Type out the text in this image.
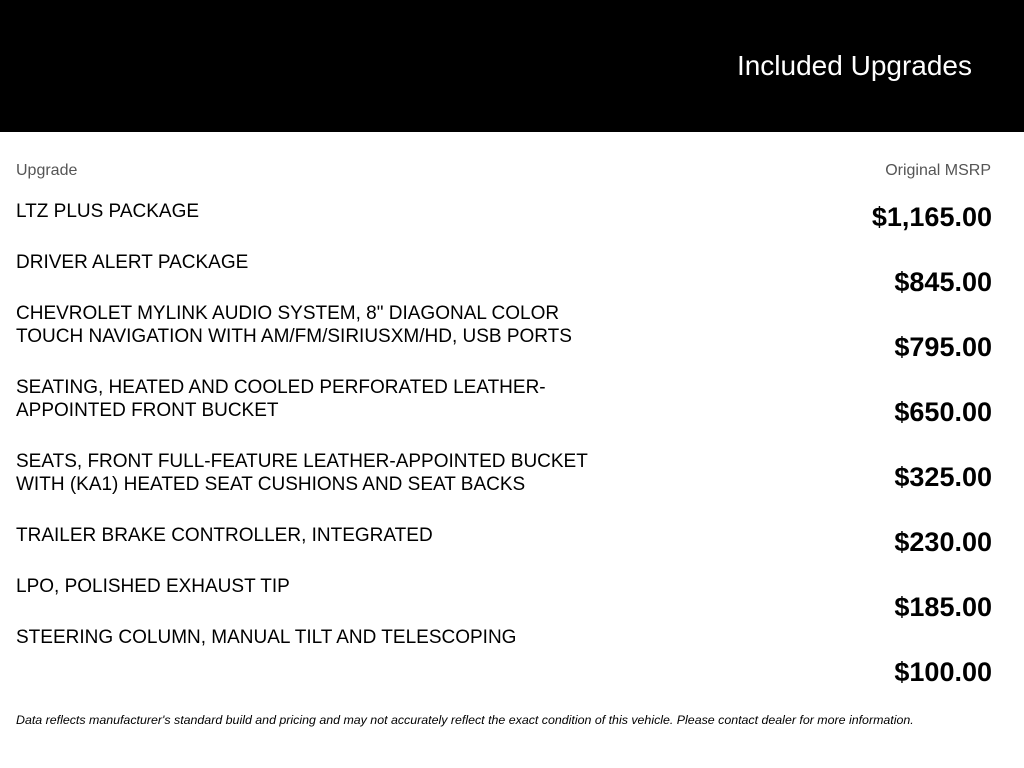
Included Upgrades
Upgrade	Original MSRP
LTZ PLUS PACKAGE
DRIVER ALERT PACKAGE
CHEVROLET MYLINK AUDIO SYSTEM, 8" DIAGONAL COLOR TOUCH NAVIGATION WITH AM/FM/SIRIUSXM/HD, USB PORTS
SEATING, HEATED AND COOLED PERFORATED LEATHER-APPOINTED FRONT BUCKET
SEATS, FRONT FULL-FEATURE LEATHER-APPOINTED BUCKET WITH (KA1) HEATED SEAT CUSHIONS AND SEAT BACKS
TRAILER BRAKE CONTROLLER, INTEGRATED
LPO, POLISHED EXHAUST TIP
STEERING COLUMN, MANUAL TILT AND TELESCOPING
$1,165.00
$845.00
$795.00
$650.00
$325.00
$230.00
$185.00
$100.00
Data reflects manufacturer's standard build and pricing and may not accurately reflect the exact condition of this vehicle. Please contact dealer for more information.
